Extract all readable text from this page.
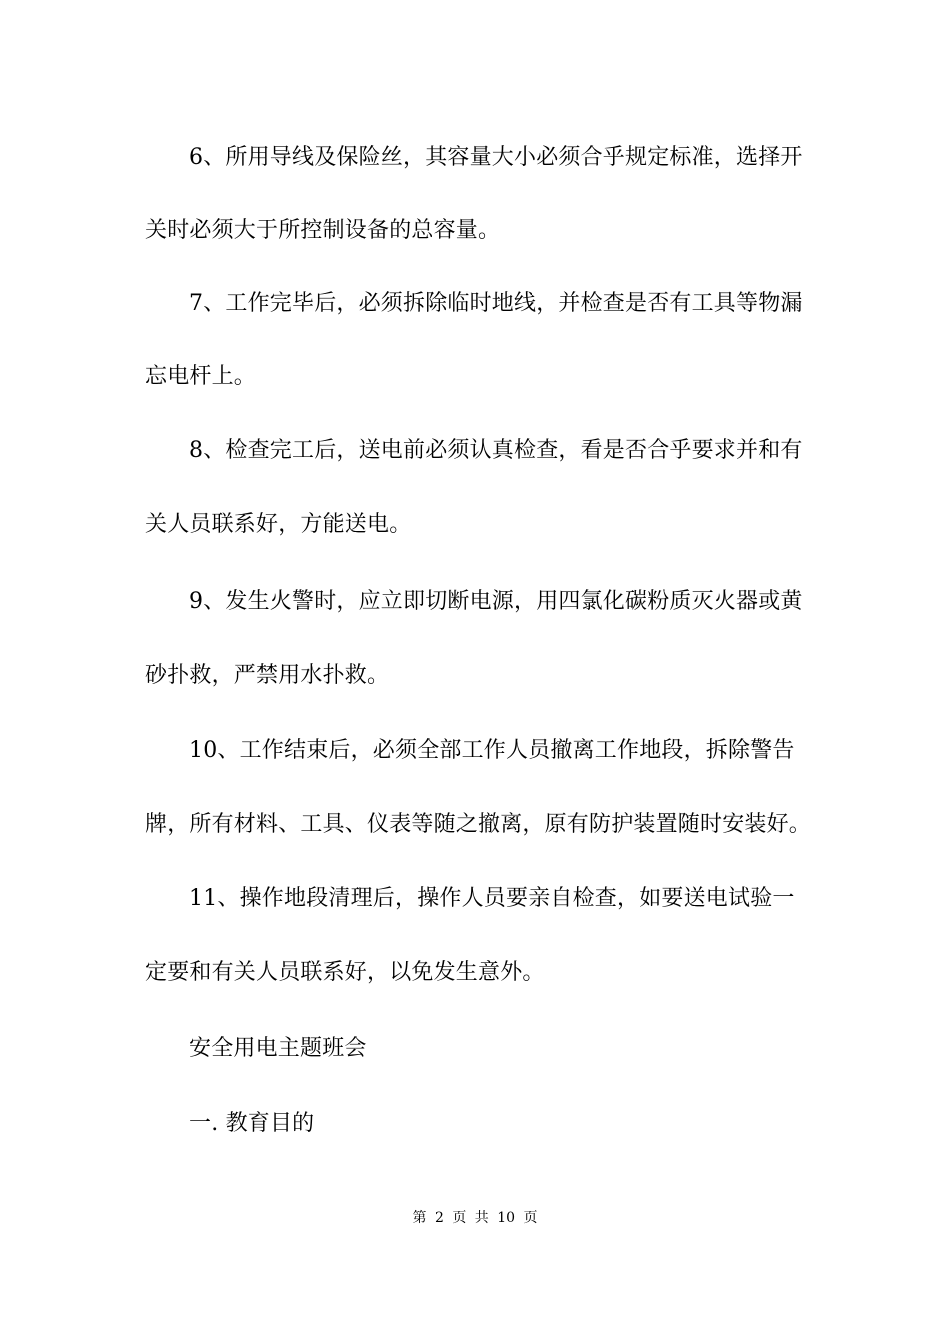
6、所用导线及保险丝，其容量大小必须合乎规定标准，选择开
关时必须大于所控制设备的总容量。
7、工作完毕后，必须拆除临时地线，并检查是否有工具等物漏
忘电杆上。
8、检查完工后，送电前必须认真检查，看是否合乎要求并和有
关人员联系好，方能送电。
9、发生火警时，应立即切断电源，用四氯化碳粉质灭火器或黄
砂扑救，严禁用水扑救。
10、工作结束后，必须全部工作人员撤离工作地段，拆除警告
牌，所有材料、工具、仪表等随之撤离，原有防护装置随时安装好。
11、操作地段清理后，操作人员要亲自检查，如要送电试验一
定要和有关人员联系好，以免发生意外。
安全用电主题班会
一. 教育目的
第 2 页 共 10 页
